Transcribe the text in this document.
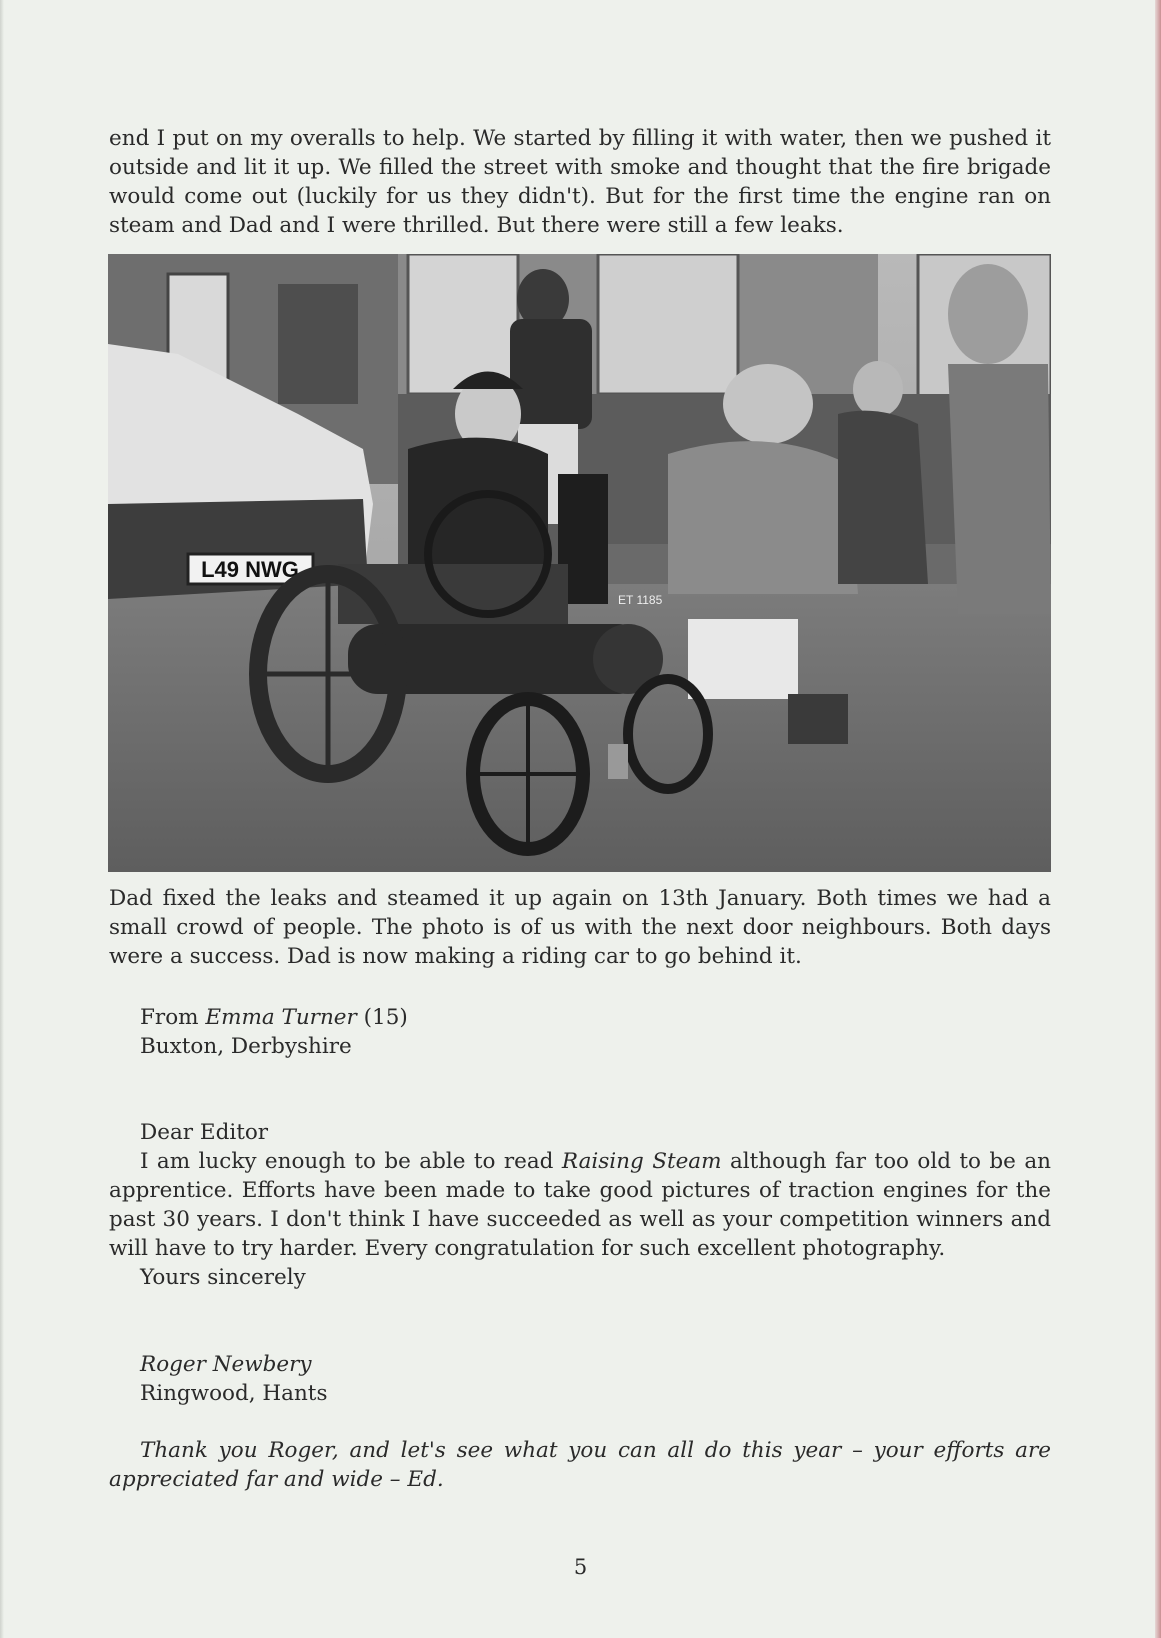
end I put on my overalls to help. We started by filling it with water, then we pushed it outside and lit it up. We filled the street with smoke and thought that the fire brigade would come out (luckily for us they didn't). But for the first time the engine ran on steam and Dad and I were thrilled. But there were still a few leaks.

L49 NWG
ET 1185

Dad fixed the leaks and steamed it up again on 13th January. Both times we had a small crowd of people. The photo is of us with the next door neighbours. Both days were a success. Dad is now making a riding car to go behind it.

From Emma Turner (15)
Buxton, Derbyshire
Dear Editor
I am lucky enough to be able to read Raising Steam although far too old to be an apprentice. Efforts have been made to take good pictures of traction engines for the past 30 years. I don't think I have succeeded as well as your competition winners and will have to try harder. Every congratulation for such excellent photography.
Yours sincerely
Roger Newbery
Ringwood, Hants

Thank you Roger, and let's see what you can all do this year – your efforts are appreciated far and wide – Ed.

5
